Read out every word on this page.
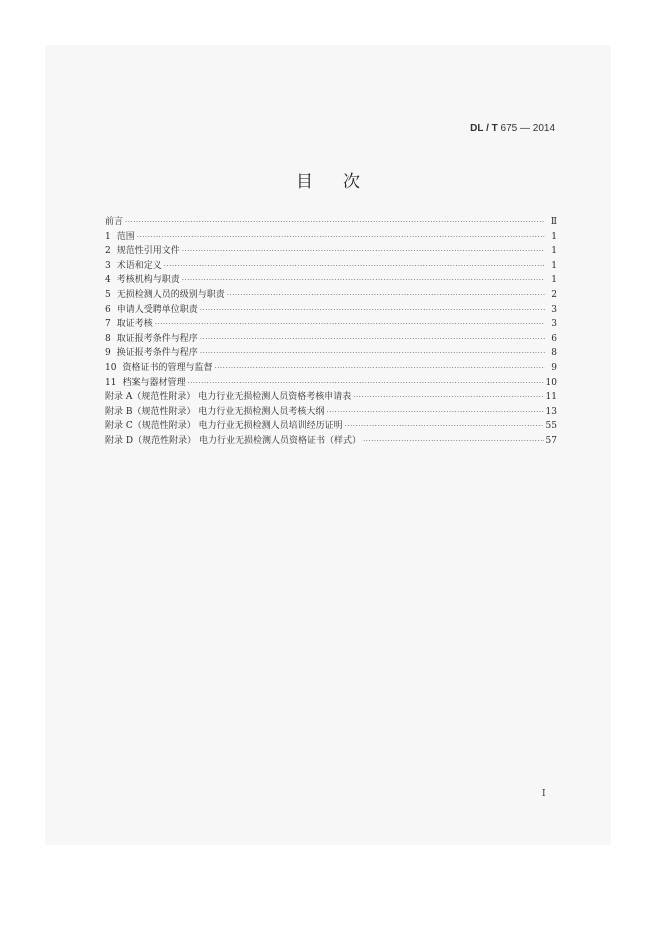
DL / T 675 — 2014
目次
前言 ·····	Ⅱ
1 范围 ·····	1
2 规范性引用文件 ·····	1
3 术语和定义 ·····	1
4 考核机构与职责 ·····	1
5 无损检测人员的级别与职责 ·····	2
6 申请人受聘单位职责 ·····	3
7 取证考核 ·····	3
8 取证报考条件与程序 ·····	6
9 换证报考条件与程序 ·····	8
10 资格证书的管理与监督 ·····	9
11 档案与器材管理 ·····	10
附录 A（规范性附录） 电力行业无损检测人员资格考核申请表 ·····	11
附录 B（规范性附录） 电力行业无损检测人员考核大纲 ·····	13
附录 C（规范性附录） 电力行业无损检测人员培训经历证明 ·····	55
附录 D（规范性附录） 电力行业无损检测人员资格证书（样式） ·····	57
I
